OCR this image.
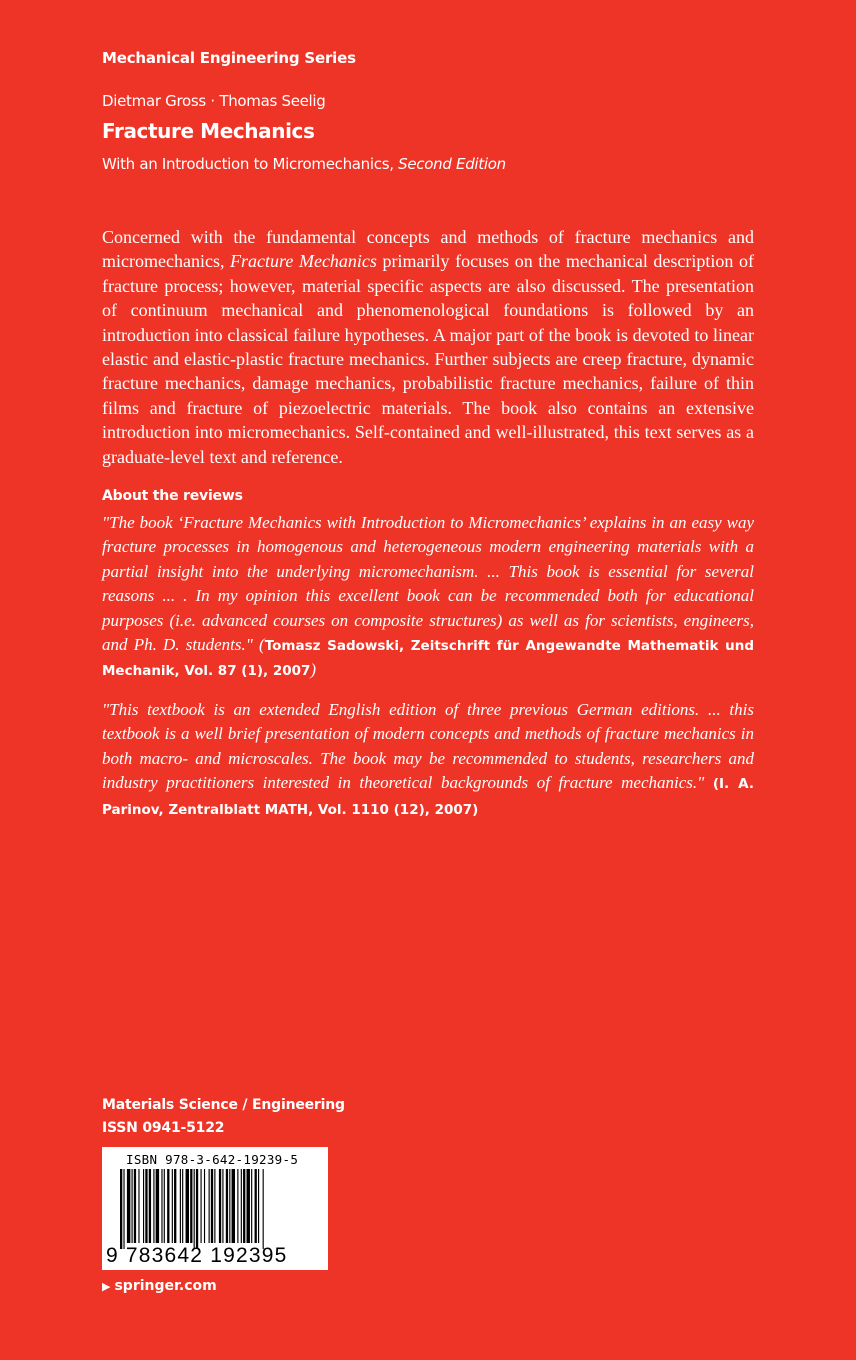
Mechanical Engineering Series
Dietmar Gross · Thomas Seelig
Fracture Mechanics
With an Introduction to Micromechanics, Second Edition

Concerned with the fundamental concepts and methods of fracture mechanics and micromechanics, Fracture Mechanics primarily focuses on the mechanical description of fracture process; however, material specific aspects are also discussed. The presentation of continuum mechanical and phenomenological foundations is followed by an introduction into classical failure hypotheses. A major part of the book is devoted to linear elastic and elastic-plastic fracture mechanics. Further subjects are creep fracture, dynamic fracture mechanics, damage mechanics, probabilistic fracture mechanics, failure of thin films and fracture of piezoelectric materials. The book also contains an extensive introduction into micromechanics. Self-contained and well-illustrated, this text serves as a graduate-level text and reference.

About the reviews

"The book ‘Fracture Mechanics with Introduction to Micromechanics’ explains in an easy way fracture processes in homogenous and heterogeneous modern engineering materials with a partial insight into the underlying micromechanism. ... This book is essential for several reasons ... . In my opinion this excellent book can be recommended both for educational purposes (i.e. advanced courses on composite structures) as well as for scientists, engineers, and Ph. D. students." (Tomasz Sadowski, Zeitschrift für Angewandte Mathematik und Mechanik, Vol. 87 (1), 2007)

"This textbook is an extended English edition of three previous German editions. ... this textbook is a well brief presentation of modern concepts and methods of fracture mechanics in both macro- and microscales. The book may be recommended to students, researchers and industry practitioners interested in theoretical backgrounds of fracture mechanics." (I. A. Parinov, Zentralblatt MATH, Vol. 1110 (12), 2007)

Materials Science / Engineering
ISSN 0941-5122
ISBN 978-3-642-19239-5
9 783642 192395
▶ springer.com
